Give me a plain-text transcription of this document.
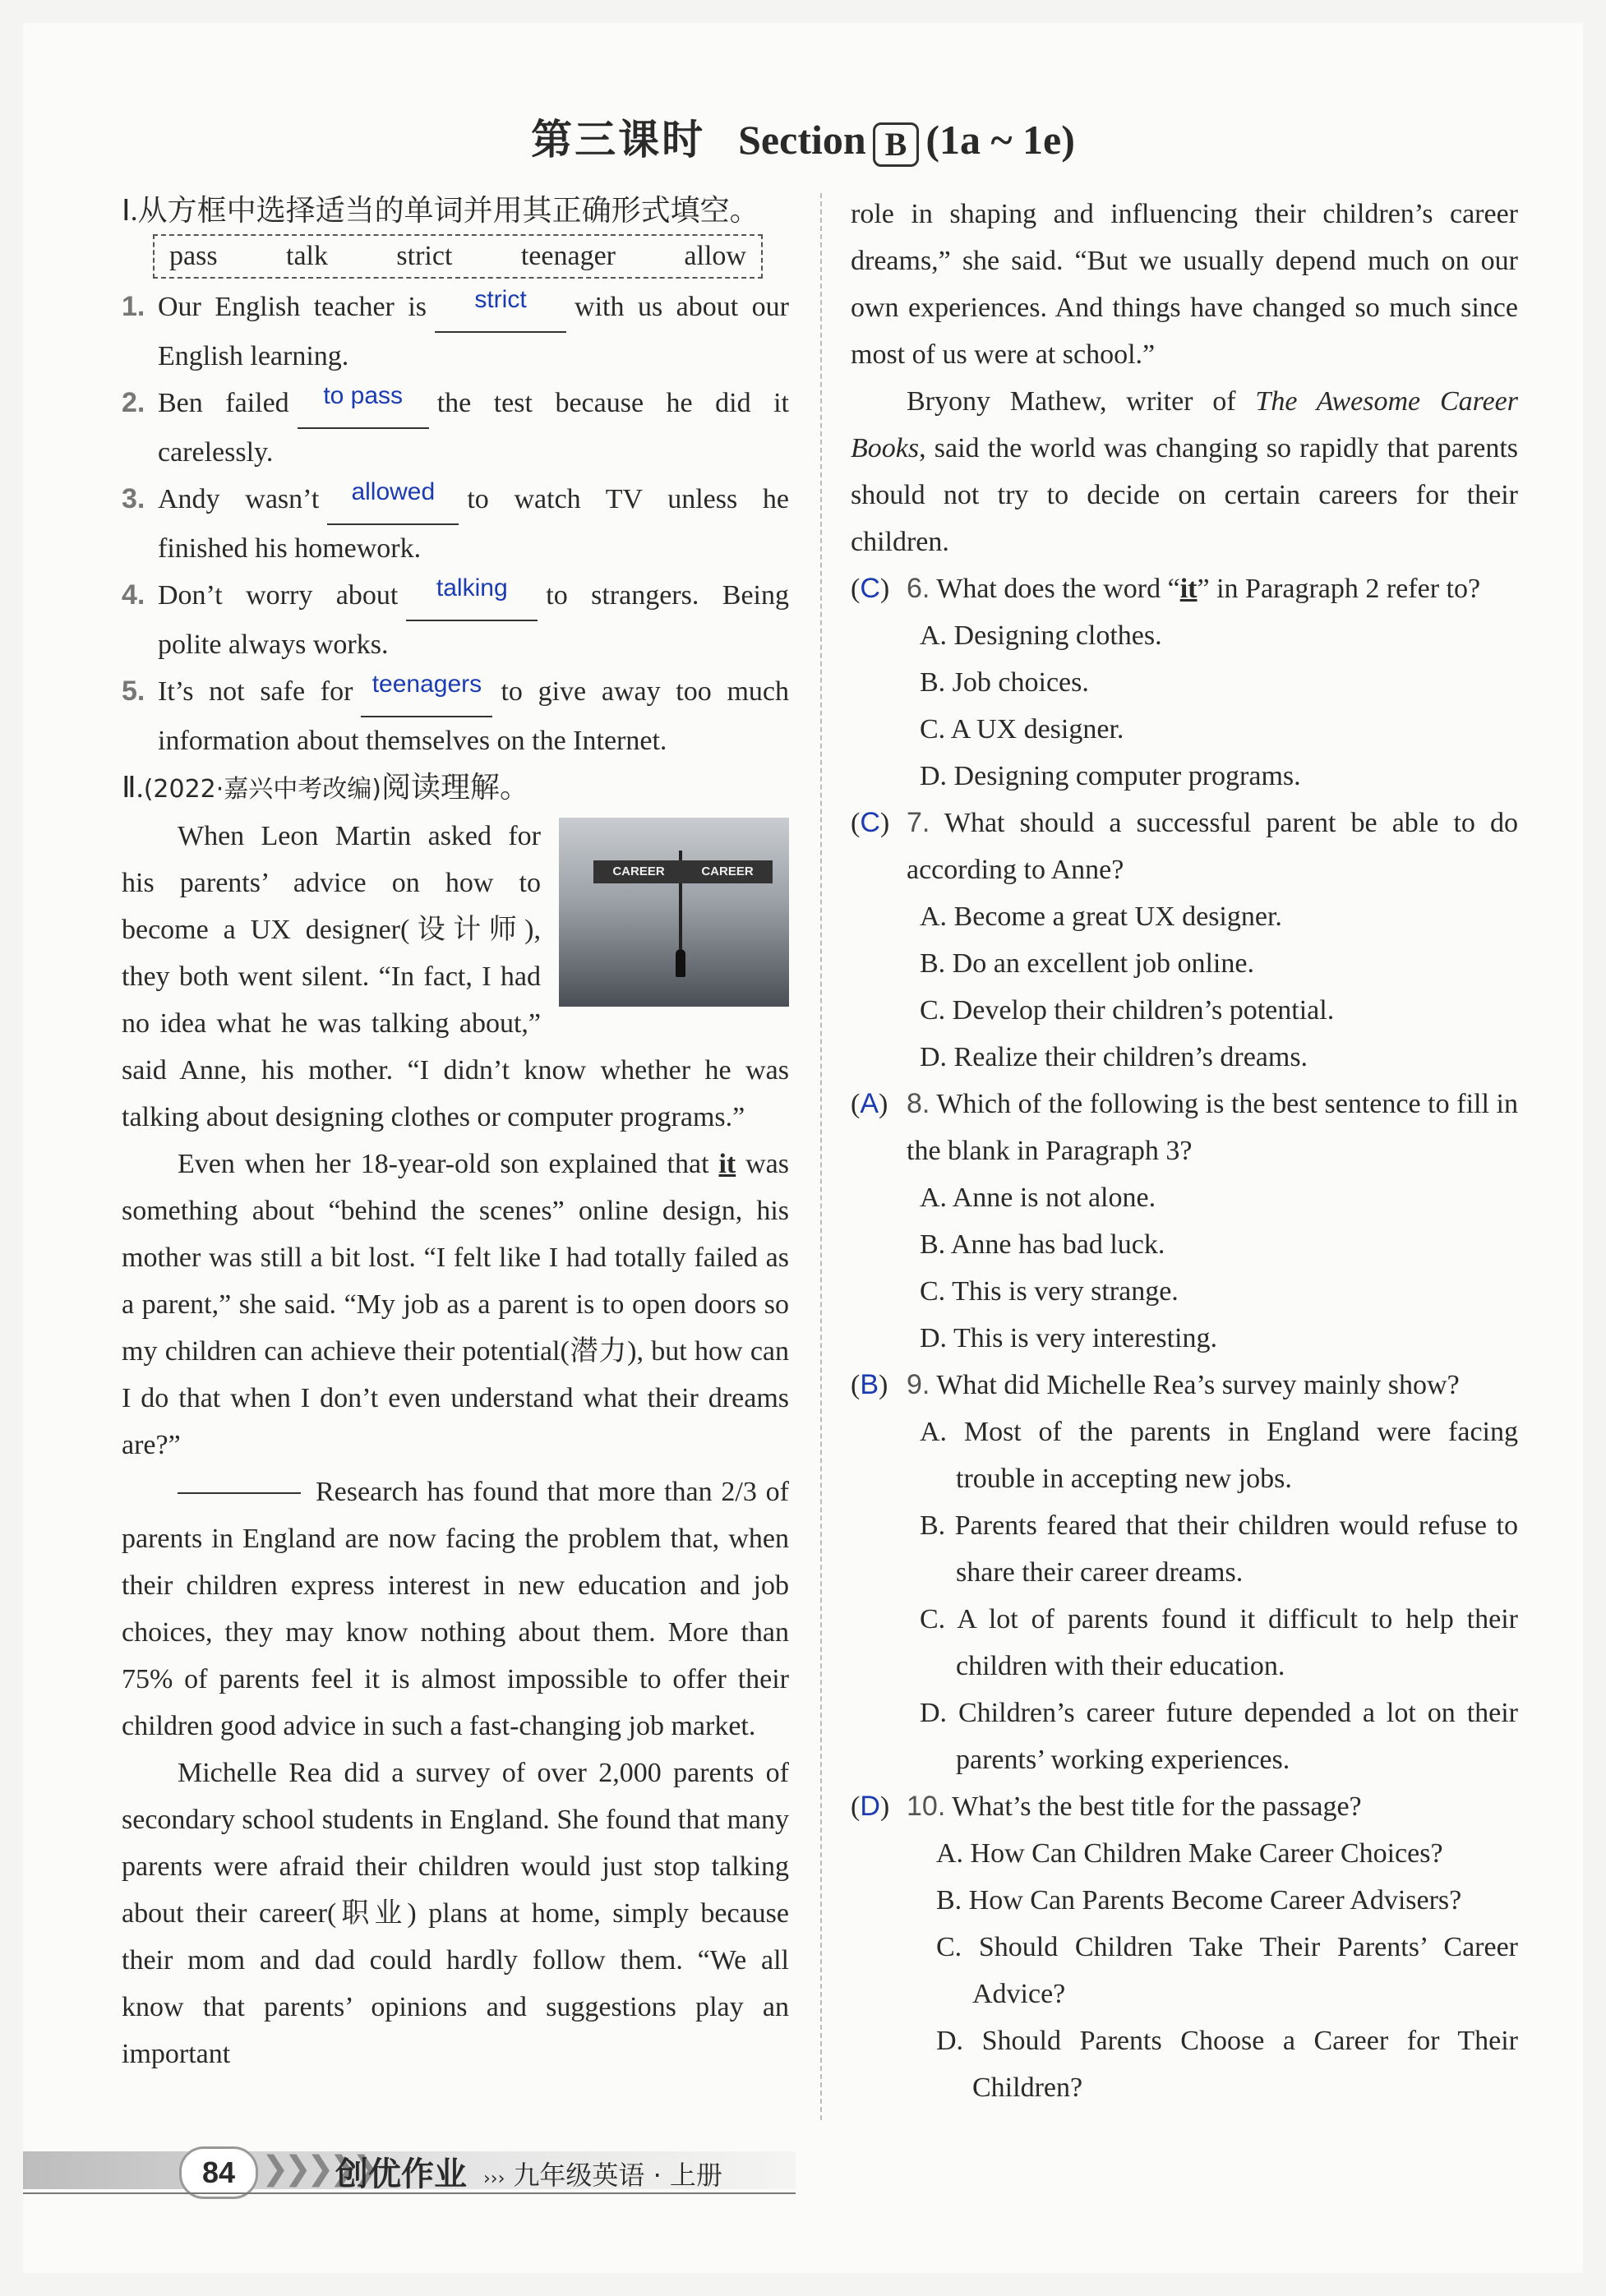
第三课时 Section B (1a ~ 1e)
Ⅰ.从方框中选择适当的单词并用其正确形式填空。
pass talk strict teenager allow
1. Our English teacher is strict with us about our English learning.
2. Ben failed to pass the test because he did it carelessly.
3. Andy wasn’t allowed to watch TV unless he finished his homework.
4. Don’t worry about talking to strangers. Being polite always works.
5. It’s not safe for teenagers to give away too much information about themselves on the Internet.
Ⅱ.(2022·嘉兴中考改编)阅读理解。
CAREER	CAREER

When Leon Martin asked for his parents’ advice on how to become a UX designer(设计师), they both went silent. “In fact, I had no idea what he was talking about,” said Anne, his mother. “I didn’t know whether he was talking about designing clothes or computer programs.”

Even when her 18-year-old son explained that it was something about “behind the scenes” online design, his mother was still a bit lost. “I felt like I had totally failed as a parent,” she said. “My job as a parent is to open doors so my children can achieve their potential(潜力), but how can I do that when I don’t even understand what their dreams are?”

Research has found that more than 2/3 of parents in England are now facing the problem that, when their children express interest in new education and job choices, they may know nothing about them. More than 75% of parents feel it is almost impossible to offer their children good advice in such a fast-changing job market.

Michelle Rea did a survey of over 2,000 parents of secondary school students in England. She found that many parents were afraid their children would just stop talking about their career(职业) plans at home, simply because their mom and dad could hardly follow them. “We all know that parents’ opinions and suggestions play an important

role in shaping and influencing their children’s career dreams,” she said. “But we usually depend much on our own experiences. And things have changed so much since most of us were at school.”

Bryony Mathew, writer of The Awesome Career Books, said the world was changing so rapidly that parents should not try to decide on certain careers for their children.

(C) 6. What does the word “it” in Paragraph 2 refer to?
A. Designing clothes.
B. Job choices.
C. A UX designer.
D. Designing computer programs.
(C) 7. What should a successful parent be able to do according to Anne?
A. Become a great UX designer.
B. Do an excellent job online.
C. Develop their children’s potential.
D. Realize their children’s dreams.
(A) 8. Which of the following is the best sentence to fill in the blank in Paragraph 3?
A. Anne is not alone.
B. Anne has bad luck.
C. This is very strange.
D. This is very interesting.
(B) 9. What did Michelle Rea’s survey mainly show?
A. Most of the parents in England were facing trouble in accepting new jobs.
B. Parents feared that their children would refuse to share their career dreams.
C. A lot of parents found it difficult to help their children with their education.
D. Children’s career future depended a lot on their parents’ working experiences.
(D) 10. What’s the best title for the passage?
A. How Can Children Make Career Choices?
B. How Can Parents Become Career Advisers?
C. Should Children Take Their Parents’ Career Advice?
D. Should Parents Choose a Career for Their Children?
84 ❯❯❯❯❯
创优作业 ››› 九年级英语 · 上册
